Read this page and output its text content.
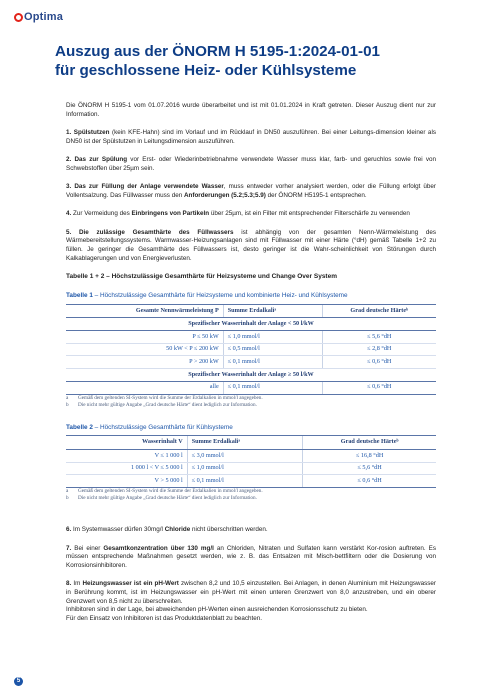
Optima
Auszug aus der ÖNORM H 5195-1:2024-01-01
für geschlossene Heiz- oder Kühlsysteme

Die ÖNORM H 5195-1 vom 01.07.2016 wurde überarbeitet und ist mit 01.01.2024 in Kraft getreten. Dieser Auszug dient nur zur Information.

1. Spülstutzen (kein KFE-Hahn) sind im Vorlauf und im Rücklauf in DN50 auszuführen. Bei einer Leitungs-dimension kleiner als DN50 ist der Spülstutzen in Leitungsdimension auszuführen.

2. Das zur Spülung vor Erst- oder Wiederinbetriebnahme verwendete Wasser muss klar, farb- und geruchlos sowie frei von Schwebstoffen über 25µm sein.

3. Das zur Füllung der Anlage verwendete Wasser, muss entweder vorher analysiert werden, oder die Füllung erfolgt über Vollentsalzung. Das Füllwasser muss den Anforderungen (5.2;5.3;5.9) der ÖNORM H5195-1 entsprechen.

4. Zur Vermeidung des Einbringens von Partikeln über 25µm, ist ein Filter mit entsprechender Filterschärfe zu verwenden

5. Die zulässige Gesamthärte des Füllwassers ist abhängig von der gesamten Nenn-Wärmeleistung des Wärmebereitstellungssystems. Warmwasser-Heizungsanlagen sind mit Füllwasser mit einer Härte (°dH) gemäß Tabelle 1+2 zu füllen. Je geringer die Gesamthärte des Füllwassers ist, desto geringer ist die Wahr-scheinlichkeit von Störungen durch Kalkablagerungen und von Energieverlusten.

Tabelle 1 + 2 – Höchstzulässige Gesamthärte für Heizsysteme und Change Over System
Tabelle 1 – Höchstzulässige Gesamthärte für Heizsysteme und kombinierte Heiz- und Kühlsysteme
Gesamte Nennwärmeleistung P	Summe Erdalkaliᵃ	Grad deutsche Härteᵇ
Spezifischer Wasserinhalt der Anlage < 50 l/kW		
P ≤ 50 kW	≤ 1,0 mmol/l	≤ 5,6 °dH
50 kW < P ≤ 200 kW	≤ 0,5 mmol/l	≤ 2,8 °dH
P > 200 kW	≤ 0,1 mmol/l	≤ 0,6 °dH
Spezifischer Wasserinhalt der Anlage ≥ 50 l/kW		
alle	≤ 0,1 mmol/l	≤ 0,6 °dH
a Gemäß dem geltenden SI-System wird die Summe der Erdalkalien in mmol/l angegeben.
b Die nicht mehr gültige Angabe „Grad deutsche Härte“ dient lediglich zur Information.
Tabelle 2 – Höchstzulässige Gesamthärte für Kühlsysteme
Wasserinhalt V	Summe Erdalkaliᵃ	Grad deutsche Härteᵇ
V ≤ 1 000 l	≤ 3,0 mmol/l	≤ 16,8 °dH
1 000 l < V ≤ 5 000 l	≤ 1,0 mmol/l	≤ 5,6 °dH
V > 5 000 l	≤ 0,1 mmol/l	≤ 0,6 °dH
a Gemäß dem geltenden SI-System wird die Summe der Erdalkalien in mmol/l angegeben.
b Die nicht mehr gültige Angabe „Grad deutsche Härte“ dient lediglich zur Information.

6. Im Systemwasser dürfen 30mg/l Chloride nicht überschritten werden.

7. Bei einer Gesamtkonzentration über 130 mg/l an Chloriden, Nitraten und Sulfaten kann verstärkt Kor-rosion auftreten. Es müssen entsprechende Maßnahmen gesetzt werden, wie z. B. das Entsalzen mit Misch-bettfiltern oder die Dosierung von Korrosionsinhibitoren.

8. Im Heizungswasser ist ein pH-Wert zwischen 8,2 und 10,5 einzustellen. Bei Anlagen, in denen Aluminium mit Heizungswasser in Berührung kommt, ist im Heizungswasser ein pH-Wert mit einen unteren Grenzwert von 8,0 anzustreben, und ein oberer Grenzwert von 8,5 nicht zu überschreiten.
Inhibitoren sind in der Lage, bei abweichenden pH-Werten einen ausreichenden Korrosionsschutz zu bieten.
Für den Einsatz von Inhibitoren ist das Produktdatenblatt zu beachten.

5
